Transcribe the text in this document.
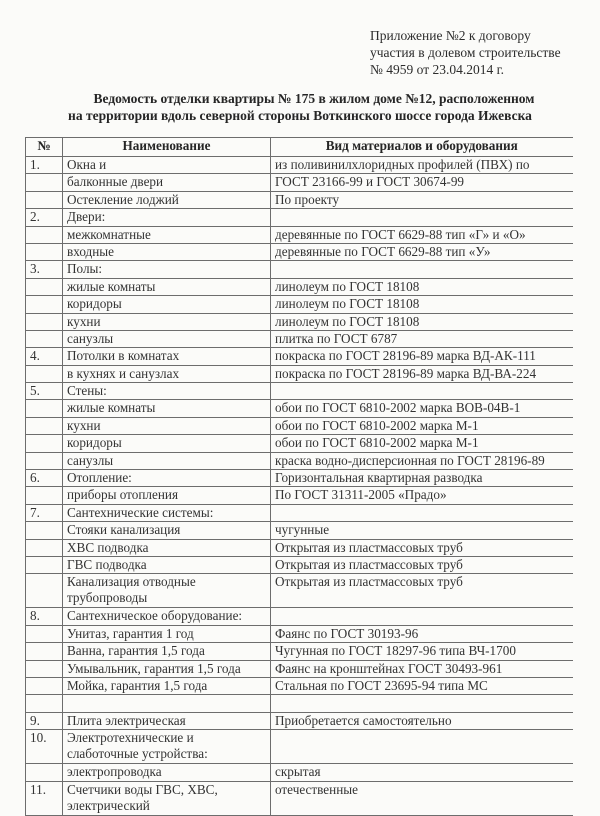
Приложение №2 к договору
участия в долевом строительстве
№ 4959 от 23.04.2014 г.
Ведомость отделки квартиры № 175 в жилом доме №12, расположенном
на территории вдоль северной стороны Воткинского шоссе города Ижевска
№	Наименование	Вид материалов и оборудования
1.	Окна и	из поливинилхлоридных профилей (ПВХ) по
	балконные двери	ГОСТ 23166-99 и ГОСТ 30674-99
	Остекление лоджий	По проекту
2.	Двери:	
	межкомнатные	деревянные по ГОСТ 6629-88 тип «Г» и «О»
	входные	деревянные по ГОСТ 6629-88 тип «У»
3.	Полы:	
	жилые комнаты	линолеум по ГОСТ 18108
	коридоры	линолеум по ГОСТ 18108
	кухни	линолеум по ГОСТ 18108
	санузлы	плитка по ГОСТ 6787
4.	Потолки в комнатах	покраска по ГОСТ 28196-89 марка ВД-АК-111
	в кухнях и санузлах	покраска по ГОСТ 28196-89 марка ВД-ВА-224
5.	Стены:	
	жилые комнаты	обои по ГОСТ 6810-2002 марка ВОВ-04В-1
	кухни	обои по ГОСТ 6810-2002 марка М-1
	коридоры	обои по ГОСТ 6810-2002 марка М-1
	санузлы	краска водно-дисперсионная по ГОСТ 28196-89
6.	Отопление:	Горизонтальная квартирная разводка
	приборы отопления	По ГОСТ 31311-2005 «Прадо»
7.	Сантехнические системы:	
	Стояки канализация	чугунные
	ХВС подводка	Открытая из пластмассовых труб
	ГВС подводка	Открытая из пластмассовых труб
	Канализация отводные трубопроводы	Открытая из пластмассовых труб
8.	Сантехническое оборудование:	
	Унитаз, гарантия 1 год	Фаянс по ГОСТ 30193-96
	Ванна, гарантия 1,5 года	Чугунная по ГОСТ 18297-96 типа ВЧ-1700
	Умывальник, гарантия 1,5 года	Фаянс на кронштейнах ГОСТ 30493-961
	Мойка, гарантия 1,5 года	Стальная по ГОСТ 23695-94 типа МС

9.	Плита электрическая	Приобретается самостоятельно
10.	Электротехнические и слаботочные устройства:	
	электропроводка	скрытая
11.	Счетчики воды ГВС, ХВС, электрический	отечественные
